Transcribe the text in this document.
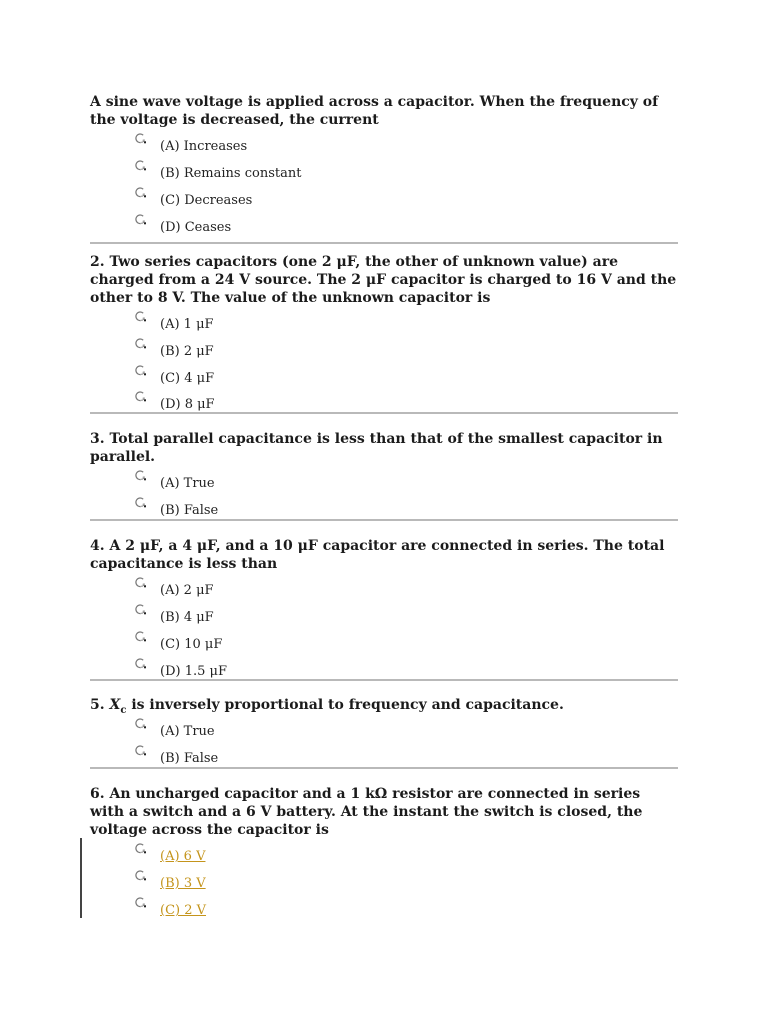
A sine wave voltage is applied across a capacitor. When the frequency of the voltage is decreased, the current
(A) Increases
(B) Remains constant
(C) Decreases
(D) Ceases
2. Two series capacitors (one 2 μF, the other of unknown value) are charged from a 24 V source. The 2 μF capacitor is charged to 16 V and the other to 8 V. The value of the unknown capacitor is
(A) 1 μF
(B) 2 μF
(C) 4 μF
(D) 8 μF
3. Total parallel capacitance is less than that of the smallest capacitor in parallel.
(A) True
(B) False
4. A 2 μF, a 4 μF, and a 10 μF capacitor are connected in series. The total capacitance is less than
(A) 2 μF
(B) 4 μF
(C) 10 μF
(D) 1.5 μF
5. $X_c$ is inversely proportional to frequency and capacitance.
(A) True
(B) False
6. An uncharged capacitor and a 1 kΩ resistor are connected in series with a switch and a 6 V battery. At the instant the switch is closed, the voltage across the capacitor is
(A) 6 V
(B) 3 V
(C) 2 V
